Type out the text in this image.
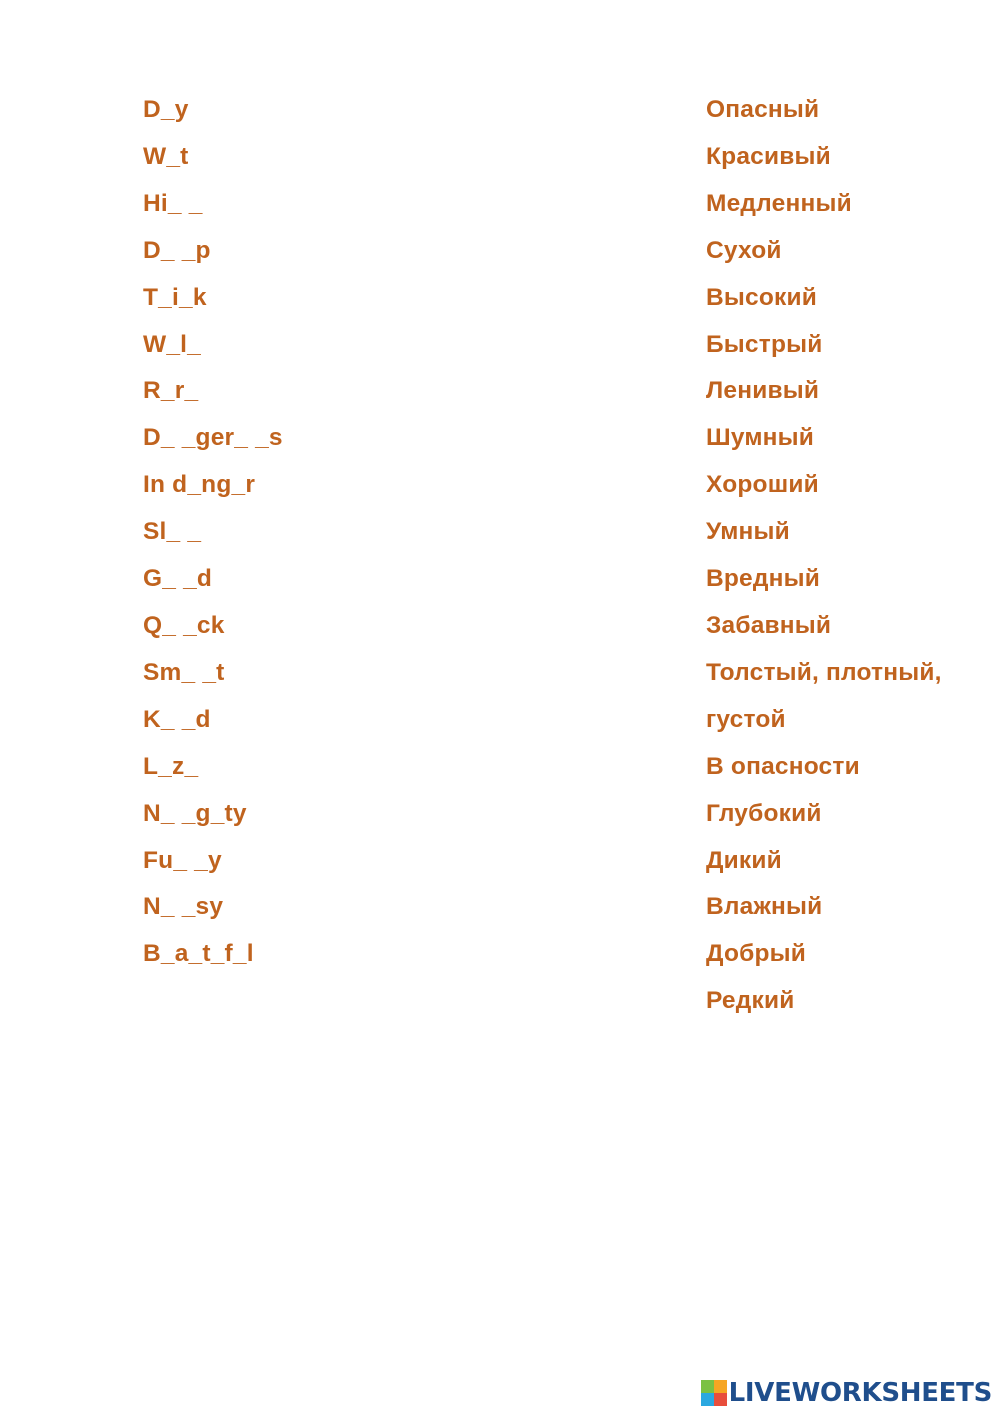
D_y
W_t
Hi_ _
D_ _p
T_i_k
W_l_
R_r_
D_ _ger_ _s
In d_ng_r
Sl_ _
G_ _d
Q_ _ck
Sm_ _t
K_ _d
L_z_
N_ _g_ty
Fu_ _y
N_ _sy
B_a_t_f_l
Опасный
Красивый
Медленный
Сухой
Высокий
Быстрый
Ленивый
Шумный
Хороший
Умный
Вредный
Забавный
Толстый, плотный, густой
В опасности
Глубокий
Дикий
Влажный
Добрый
Редкий
LIVEWORKSHEETS
